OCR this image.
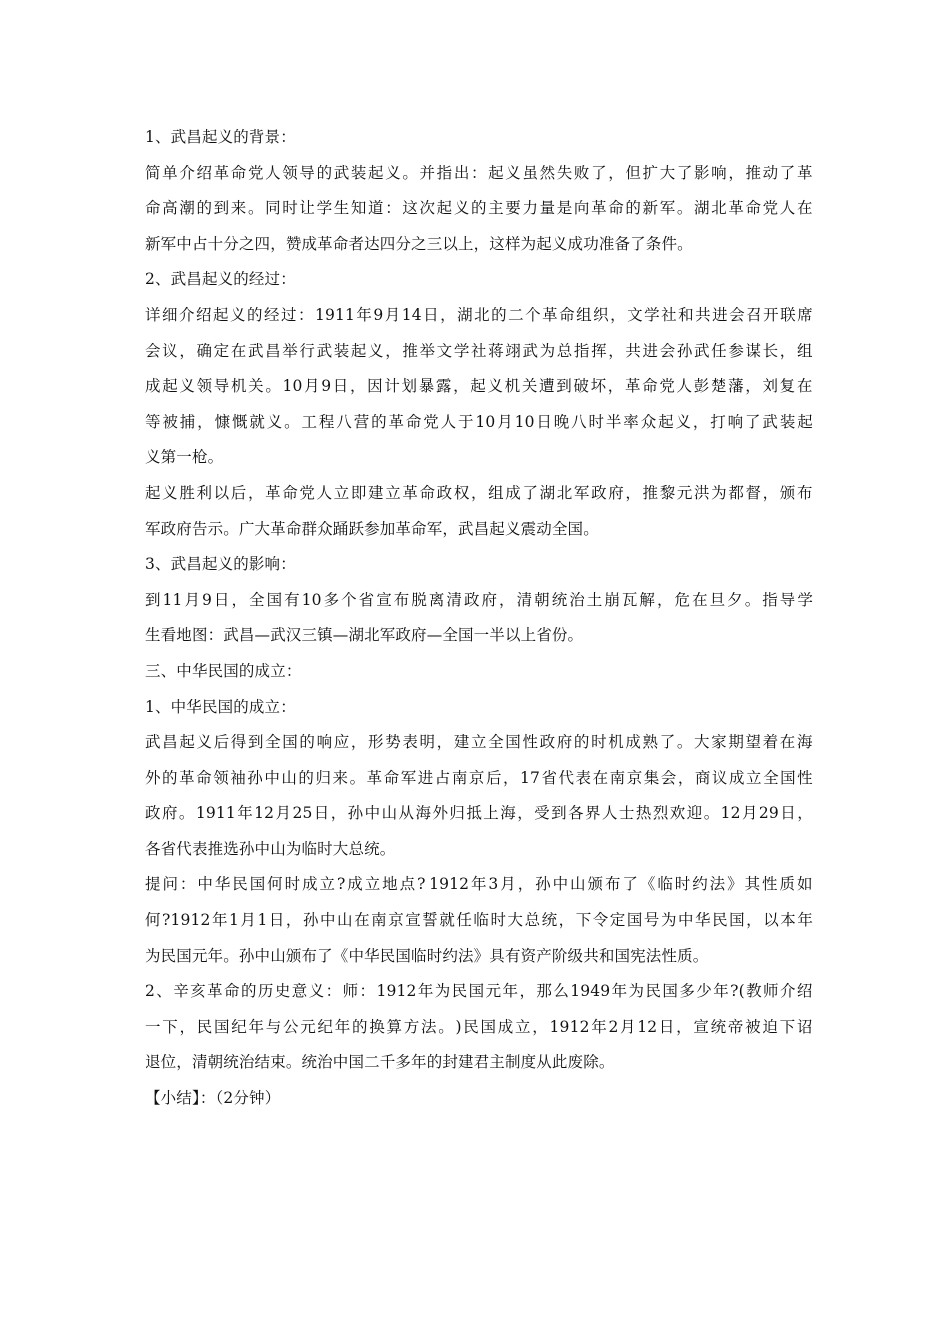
1、武昌起义的背景：
简 单 介 绍 革 命 党 人 领 导 的 武 装 起 义 。 并 指 出 ： 起 义 虽 然 失 败 了 ， 但 扩 大 了 影 响 ， 推 动 了 革
命 高 潮 的 到 来 。 同 时 让 学 生 知 道 ： 这 次 起 义 的 主 要 力 量 是 向 革 命 的 新 军 。 湖 北 革 命 党 人 在
新军中占十分之四，赞成革命者达四分之三以上，这样为起义成功准备了条件。
2、武昌起义的经过：
详 细 介 绍 起 义 的 经 过 ： 1911 年 9 月 14 日 ， 湖 北 的 二 个 革 命 组 织 ， 文 学 社 和 共 进 会 召 开 联 席
会 议 ， 确 定 在 武 昌 举 行 武 装 起 义 ， 推 举 文 学 社 蒋 翊 武 为 总 指 挥 ， 共 进 会 孙 武 任 参 谋 长 ， 组
成 起 义 领 导 机 关 。 10 月 9 日 ， 因 计 划 暴 露 ， 起 义 机 关 遭 到 破 坏 ， 革 命 党 人 彭 楚 藩 ， 刘 复 在
等 被 捕 ， 慷 慨 就 义 。 工 程 八 营 的 革 命 党 人 于 10 月 10 日 晚 八 时 半 率 众 起 义 ， 打 响 了 武 装 起
义第一枪。
起 义 胜 利 以 后 ， 革 命 党 人 立 即 建 立 革 命 政 权 ， 组 成 了 湖 北 军 政 府 ， 推 黎 元 洪 为 都 督 ， 颁 布
军政府告示。广大革命群众踊跃参加革命军，武昌起义震动全国。
3、武昌起义的影响：
到 11 月 9 日 ， 全 国 有 10 多 个 省 宣 布 脱 离 清 政 府 ， 清 朝 统 治 土 崩 瓦 解 ， 危 在 旦 夕 。 指 导 学
生看地图：武昌—武汉三镇—湖北军政府—全国一半以上省份。
三、中华民国的成立：
1、中华民国的成立：
武 昌 起 义 后 得 到 全 国 的 响 应 ， 形 势 表 明 ， 建 立 全 国 性 政 府 的 时 机 成 熟 了 。 大 家 期 望 着 在 海
外 的 革 命 领 袖 孙 中 山 的 归 来 。 革 命 军 进 占 南 京 后 ， 17 省 代 表 在 南 京 集 会 ， 商 议 成 立 全 国 性
政 府 。 1911 年 12 月 25 日 ， 孙 中 山 从 海 外 归 抵 上 海 ， 受 到 各 界 人 士 热 烈 欢 迎 。 12 月 29 日 ，
各省代表推选孙中山为临时大总统。
提 问 ： 中 华 民 国 何 时 成 立 ? 成 立 地 点 ? 1912 年 3 月 ， 孙 中 山 颁 布 了 《 临 时 约 法 》 其 性 质 如
何 ?1912 年 1 月 1 日 ， 孙 中 山 在 南 京 宣 誓 就 任 临 时 大 总 统 ， 下 令 定 国 号 为 中 华 民 国 ， 以 本 年
为民国元年。孙中山颁布了《中华民国临时约法》具有资产阶级共和国宪法性质。
2 、 辛 亥 革 命 的 历 史 意 义 ： 师 ： 1912 年 为 民 国 元 年 ， 那 么 1949 年 为 民 国 多 少 年 ?( 教 师 介 绍
一 下 ， 民 国 纪 年 与 公 元 纪 年 的 换 算 方 法 。 ) 民 国 成 立 ， 1912 年 2 月 12 日 ， 宣 统 帝 被 迫 下 诏
退位，清朝统治结束。统治中国二千多年的封建君主制度从此废除。
【小结】：（2分钟）
